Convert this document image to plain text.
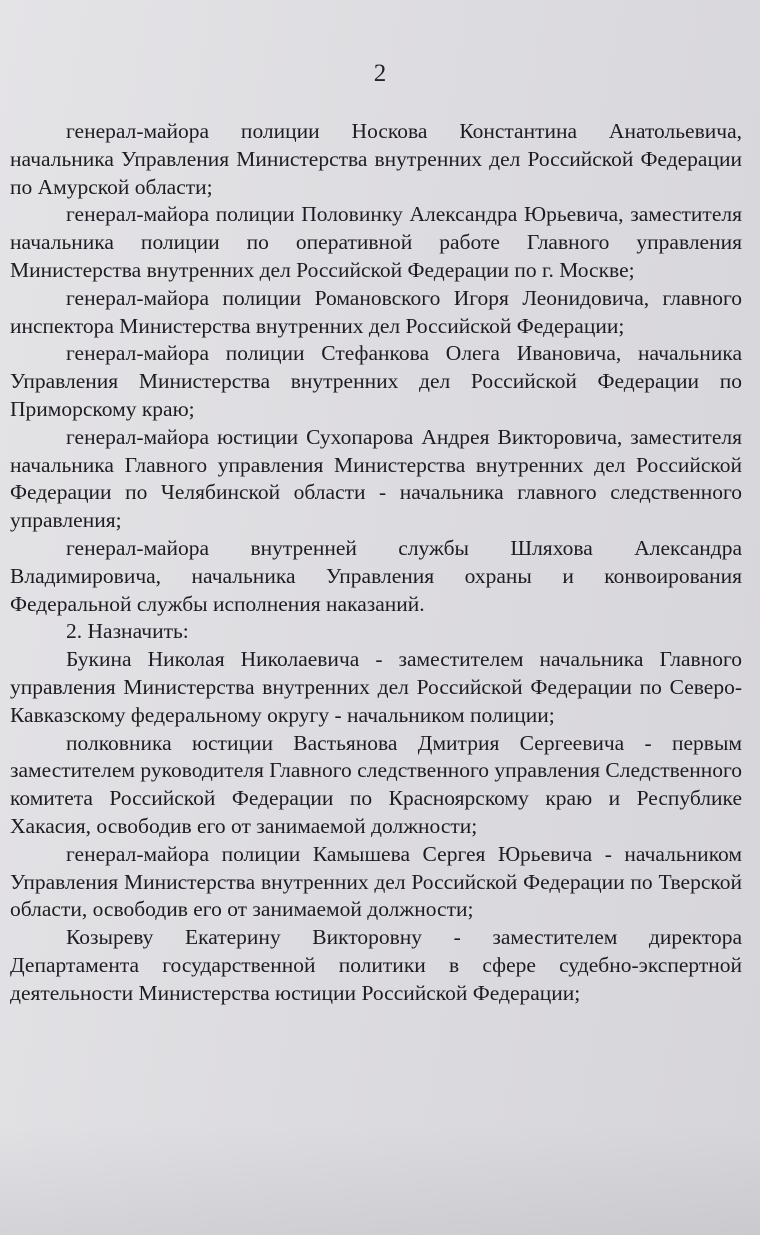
2

генерал-майора полиции Носкова Константина Анатольевича, начальника Управления Министерства внутренних дел Российской Федерации по Амурской области;

генерал-майора полиции Половинку Александра Юрьевича, заместителя начальника полиции по оперативной работе Главного управления Министерства внутренних дел Российской Федерации по г. Москве;

генерал-майора полиции Романовского Игоря Леонидовича, главного инспектора Министерства внутренних дел Российской Федерации;

генерал-майора полиции Стефанкова Олега Ивановича, начальника Управления Министерства внутренних дел Российской Федерации по Приморскому краю;

генерал-майора юстиции Сухопарова Андрея Викторовича, заместителя начальника Главного управления Министерства внутренних дел Российской Федерации по Челябинской области - начальника главного следственного управления;

генерал-майора внутренней службы Шляхова Александра Владимировича, начальника Управления охраны и конвоирования Федеральной службы исполнения наказаний.

2. Назначить:

Букина Николая Николаевича - заместителем начальника Главного управления Министерства внутренних дел Российской Федерации по Северо-Кавказскому федеральному округу - начальником полиции;

полковника юстиции Вастьянова Дмитрия Сергеевича - первым заместителем руководителя Главного следственного управления Следственного комитета Российской Федерации по Красноярскому краю и Республике Хакасия, освободив его от занимаемой должности;

генерал-майора полиции Камышева Сергея Юрьевича - начальником Управления Министерства внутренних дел Российской Федерации по Тверской области, освободив его от занимаемой должности;

Козыреву Екатерину Викторовну - заместителем директора Департамента государственной политики в сфере судебно-экспертной деятельности Министерства юстиции Российской Федерации;
